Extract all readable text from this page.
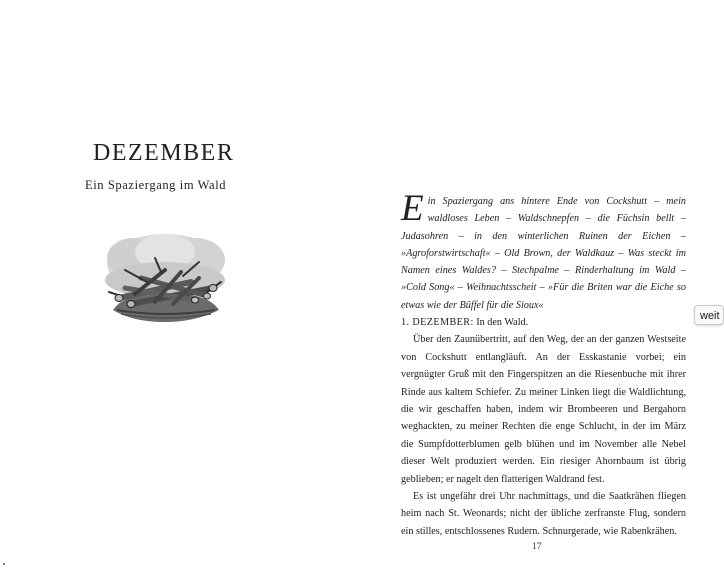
DEZEMBER
Ein Spaziergang im Wald
Ein Spaziergang ans hintere Ende von Cockshutt – mein waldloses Leben – Waldschnepfen – die Füchsin bellt – Judasohren – in den winterlichen Ruinen der Eichen – »Agroforstwirtschaft« – Old Brown, der Waldkauz – Was steckt im Namen eines Waldes? – Stechpalme – Rinderhaltung im Wald – »Cold Song« – Weihnachtsscheit – »Für die Briten war die Eiche so etwas wie der Büffel für die Sioux«

1. DEZEMBER: In den Wald.

Über den Zaunübertritt, auf den Weg, der an der ganzen Westseite von Cockshutt entlangläuft. An der Esskastanie vorbei; ein vergnügter Gruß mit den Fingerspitzen an die Riesenbuche mit ihrer Rinde aus kaltem Schiefer. Zu meiner Linken liegt die Waldlichtung, die wir geschaffen haben, indem wir Brombeeren und Bergahorn weghackten, zu meiner Rechten die enge Schlucht, in der im März die Sumpfdotterblumen gelb blühen und im November alle Nebel dieser Welt produziert werden. Ein riesiger Ahornbaum ist übrig geblieben; er nagelt den flatterigen Waldrand fest.

Es ist ungefähr drei Uhr nachmittags, und die Saatkrähen fliegen heim nach St. Weonards; nicht der übliche zerfranste Flug, sondern ein stilles, entschlossenes Rudern. Schnurgerade, wie Rabenkrähen.

17
weit
